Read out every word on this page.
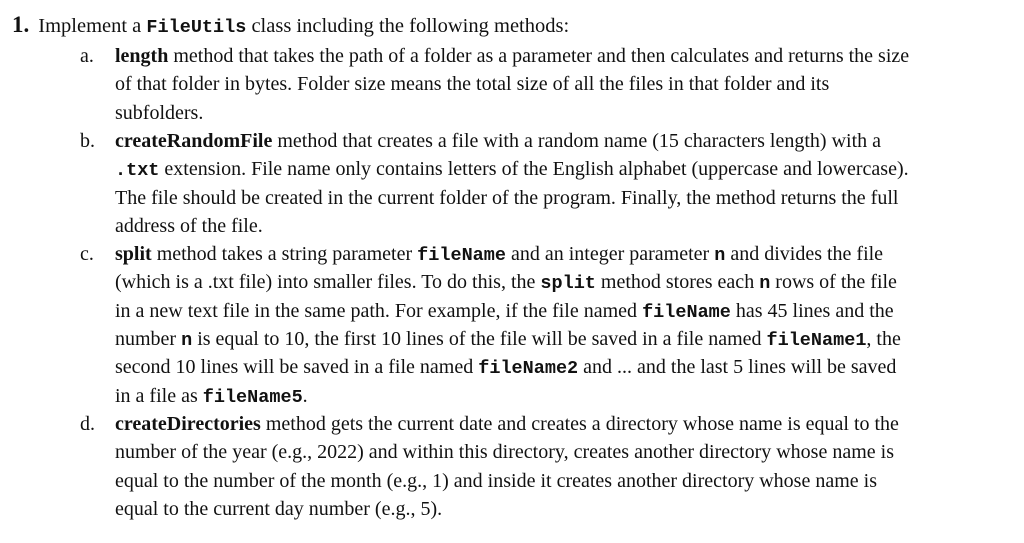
1. Implement a FileUtils class including the following methods:
a. length method that takes the path of a folder as a parameter and then calculates and returns the size
of that folder in bytes. Folder size means the total size of all the files in that folder and its
subfolders.
b. createRandomFile method that creates a file with a random name (15 characters length) with a
.txt extension. File name only contains letters of the English alphabet (uppercase and lowercase).
The file should be created in the current folder of the program. Finally, the method returns the full
address of the file.
c. split method takes a string parameter fileName and an integer parameter n and divides the file
(which is a .txt file) into smaller files. To do this, the split method stores each n rows of the file
in a new text file in the same path. For example, if the file named fileName has 45 lines and the
number n is equal to 10, the first 10 lines of the file will be saved in a file named fileName1, the
second 10 lines will be saved in a file named fileName2 and ... and the last 5 lines will be saved
in a file as fileName5.
d. createDirectories method gets the current date and creates a directory whose name is equal to the
number of the year (e.g., 2022) and within this directory, creates another directory whose name is
equal to the number of the month (e.g., 1) and inside it creates another directory whose name is
equal to the current day number (e.g., 5).
